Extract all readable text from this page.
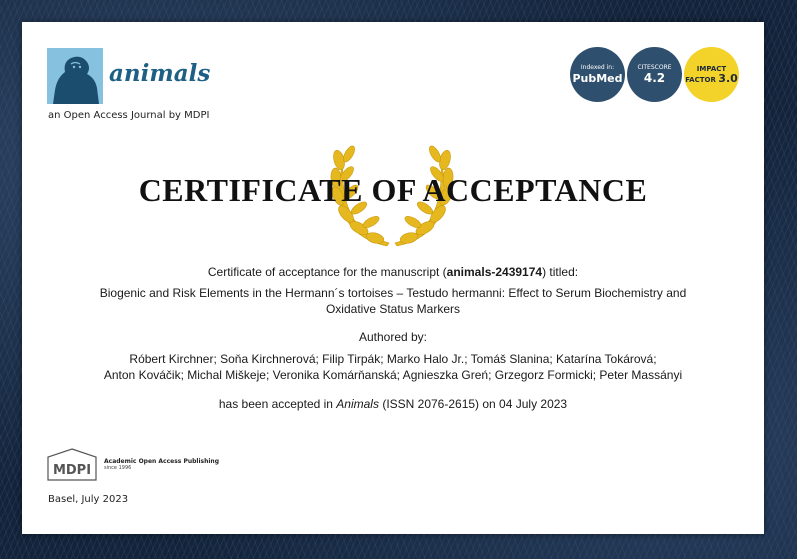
animals
an Open Access Journal by MDPI
Indexed in:
PubMed
CITESCORE
4.2
IMPACT
FACTOR 3.0
CERTIFICATE OF ACCEPTANCE
Certificate of acceptance for the manuscript (animals-2439174) titled:
Biogenic and Risk Elements in the Hermann´s tortoises – Testudo hermanni: Effect to Serum Biochemistry and
Oxidative Status Markers
Authored by:
Róbert Kirchner; Soňa Kirchnerová; Filip Tirpák; Marko Halo Jr.; Tomáš Slanina; Katarína Tokárová;
Anton Kováčik; Michal Miškeje; Veronika Komárňanská; Agnieszka Greń; Grzegorz Formicki; Peter Massányi
has been accepted in Animals (ISSN 2076-2615) on 04 July 2023
MDPI
Academic Open Access Publishing
since 1996
Basel, July 2023
